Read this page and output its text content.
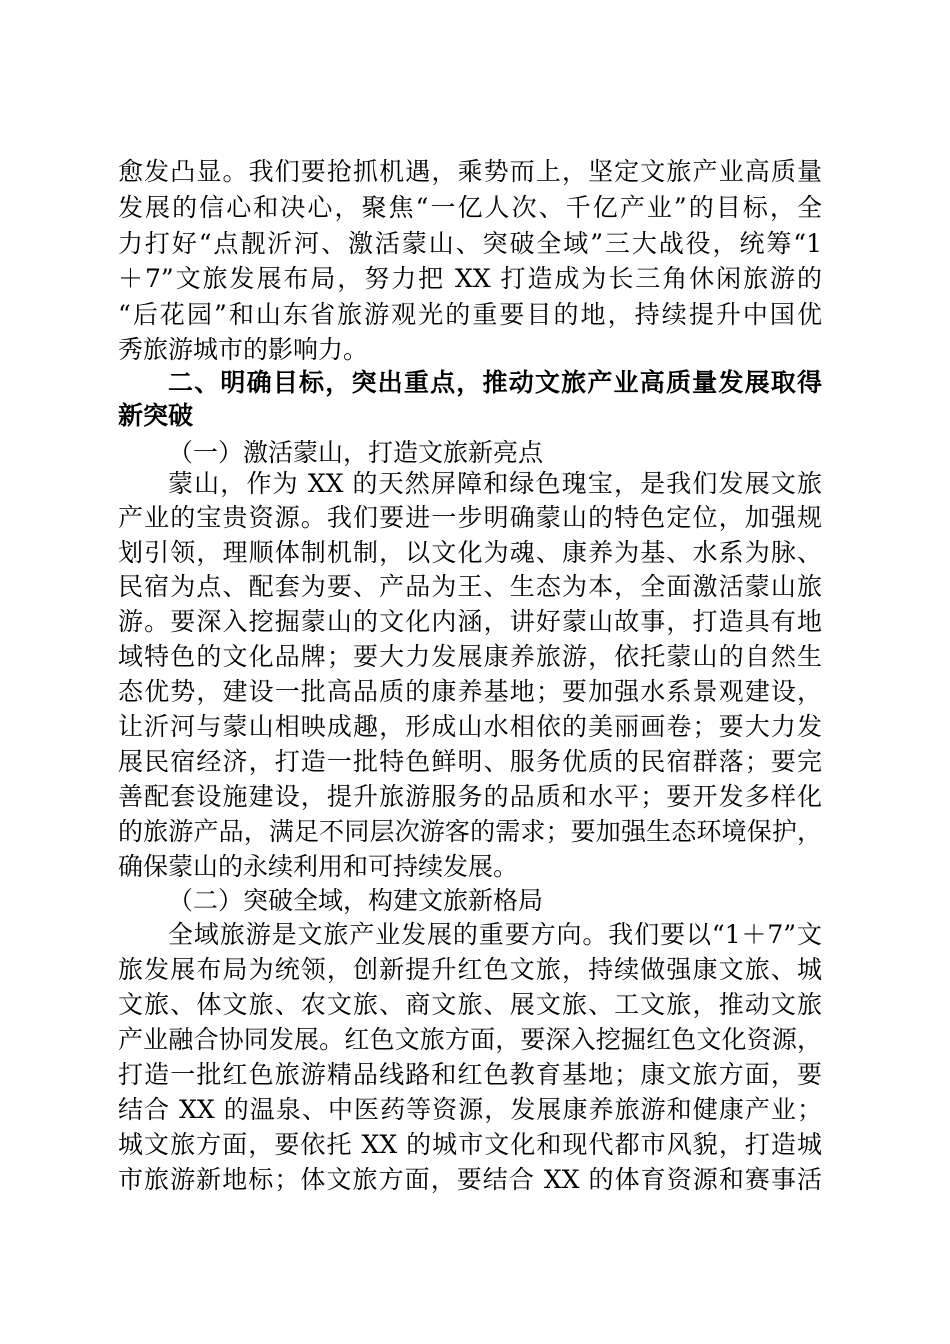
愈发凸显。我们要抢抓机遇，乘势而上，坚定文旅产业高质量
发展的信心和决心，聚焦“一亿人次、千亿产业”的目标，全
力打好“点靓沂河、激活蒙山、突破全域”三大战役，统筹“1
＋7”文旅发展布局，努力把 XX 打造成为长三角休闲旅游的
“后花园”和山东省旅游观光的重要目的地，持续提升中国优
秀旅游城市的影响力。
二、明确目标，突出重点，推动文旅产业高质量发展取得
新突破
（一）激活蒙山，打造文旅新亮点
蒙山，作为 XX 的天然屏障和绿色瑰宝，是我们发展文旅
产业的宝贵资源。我们要进一步明确蒙山的特色定位，加强规
划引领，理顺体制机制，以文化为魂、康养为基、水系为脉、
民宿为点、配套为要、产品为王、生态为本，全面激活蒙山旅
游。要深入挖掘蒙山的文化内涵，讲好蒙山故事，打造具有地
域特色的文化品牌；要大力发展康养旅游，依托蒙山的自然生
态优势，建设一批高品质的康养基地；要加强水系景观建设，
让沂河与蒙山相映成趣，形成山水相依的美丽画卷；要大力发
展民宿经济，打造一批特色鲜明、服务优质的民宿群落；要完
善配套设施建设，提升旅游服务的品质和水平；要开发多样化
的旅游产品，满足不同层次游客的需求；要加强生态环境保护，
确保蒙山的永续利用和可持续发展。
（二）突破全域，构建文旅新格局
全域旅游是文旅产业发展的重要方向。我们要以“1＋7”文
旅发展布局为统领，创新提升红色文旅，持续做强康文旅、城
文旅、体文旅、农文旅、商文旅、展文旅、工文旅，推动文旅
产业融合协同发展。红色文旅方面，要深入挖掘红色文化资源，
打造一批红色旅游精品线路和红色教育基地；康文旅方面，要
结合 XX 的温泉、中医药等资源，发展康养旅游和健康产业；
城文旅方面，要依托 XX 的城市文化和现代都市风貌，打造城
市旅游新地标；体文旅方面，要结合 XX 的体育资源和赛事活
